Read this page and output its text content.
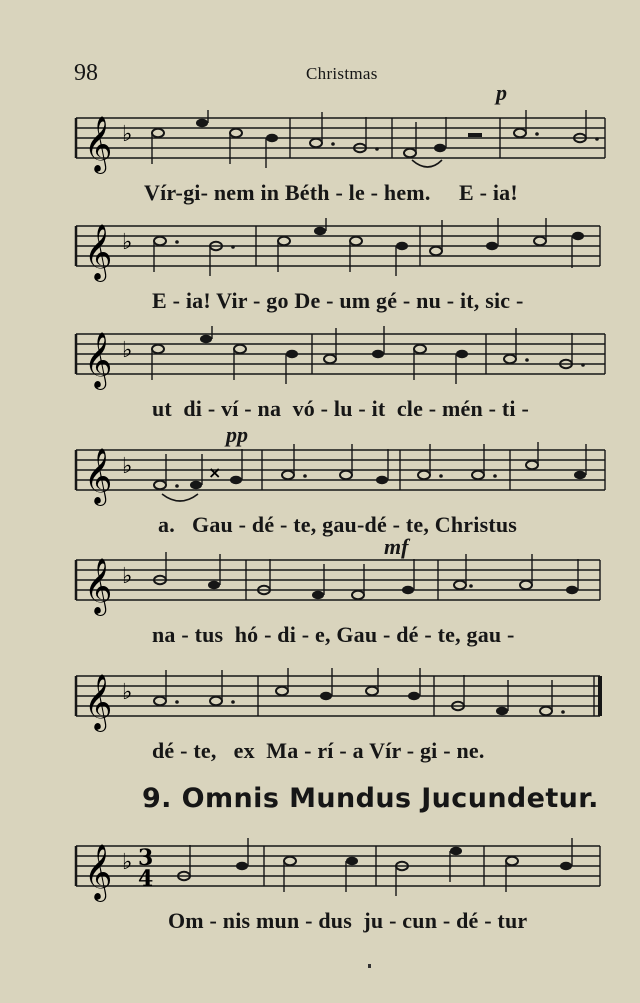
98	Christmas
𝄞 ♭
p
Vír-gi- nem in Béth - le - hem. E - ia!
𝄞 ♭
E - ia! Vir - go De - um gé - nu - it, sic -
𝄞 ♭
ut di - ví - na vó - lu - it cle - mén - ti -
𝄞 ♭	×
pp
a. Gau - dé - te, gau-dé - te, Christus
𝄞 ♭
mf
na - tus hó - di - e, Gau - dé - te, gau -
𝄞 ♭
dé - te, ex Ma - rí - a Vír - gi - ne.
9. Omnis Mundus Jucundetur.
𝄞 ♭ 3
4
Om - nis mun - dus ju - cun - dé - tur
